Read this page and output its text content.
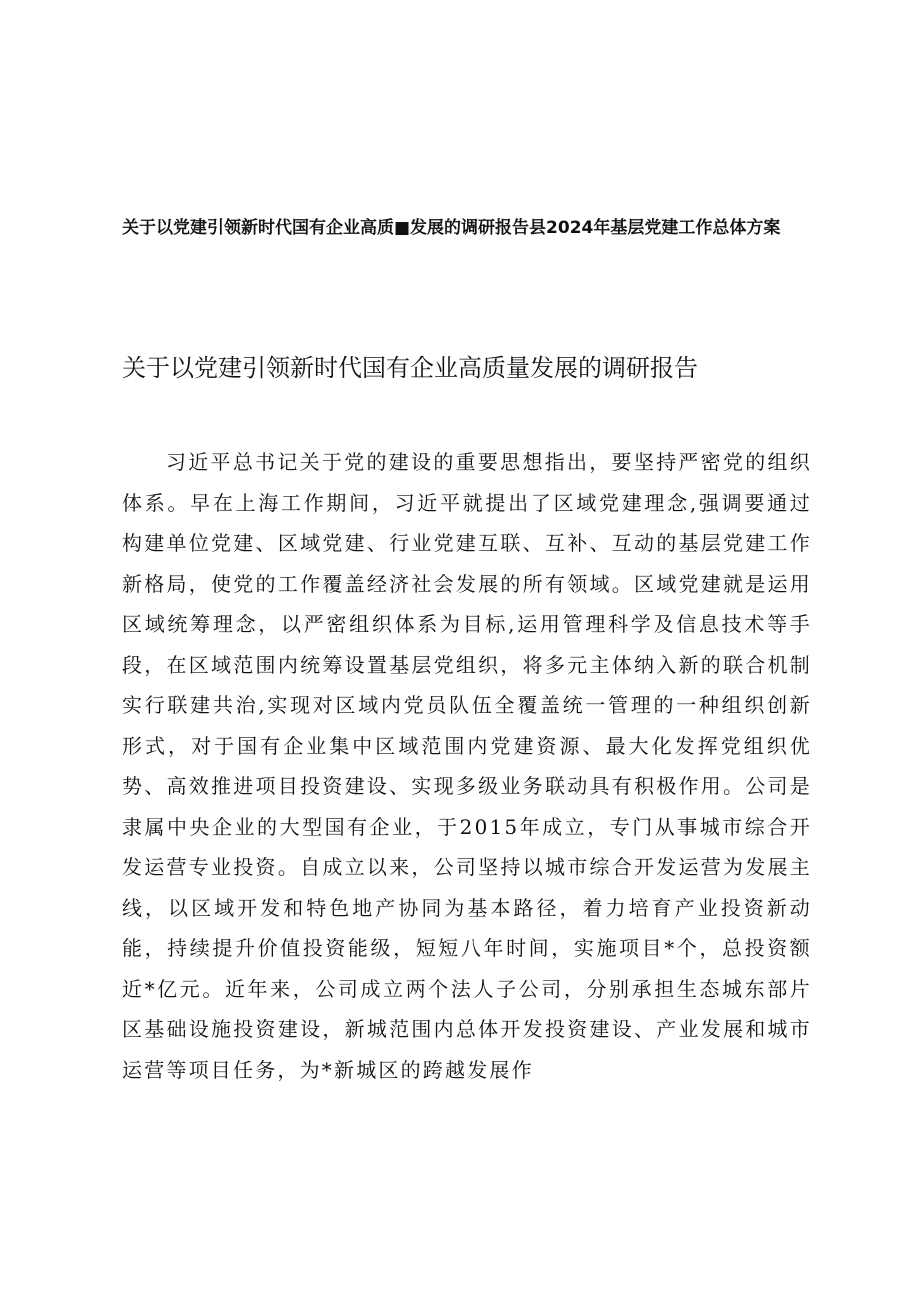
关于以党建引领新时代国有企业高质■发展的调研报告县2024年基层党建工作总体方案

关于以党建引领新时代国有企业高质量发展的调研报告

习近平总书记关于党的建设的重要思想指出，要坚持严密党的组织体系。早在上海工作期间，习近平就提出了区域党建理念,强调要通过构建单位党建、区域党建、行业党建互联、互补、互动的基层党建工作新格局，使党的工作覆盖经济社会发展的所有领域。区域党建就是运用区域统筹理念，以严密组织体系为目标,运用管理科学及信息技术等手段，在区域范围内统筹设置基层党组织，将多元主体纳入新的联合机制实行联建共治,实现对区域内党员队伍全覆盖统一管理的一种组织创新形式，对于国有企业集中区域范围内党建资源、最大化发挥党组织优势、高效推进项目投资建设、实现多级业务联动具有积极作用。公司是隶属中央企业的大型国有企业，于2015年成立，专门从事城市综合开发运营专业投资。自成立以来，公司坚持以城市综合开发运营为发展主线，以区域开发和特色地产协同为基本路径，着力培育产业投资新动能，持续提升价值投资能级，短短八年时间，实施项目*个，总投资额近*亿元。近年来，公司成立两个法人子公司，分别承担生态城东部片区基础设施投资建设，新城范围内总体开发投资建设、产业发展和城市运营等项目任务，为*新城区的跨越发展作
